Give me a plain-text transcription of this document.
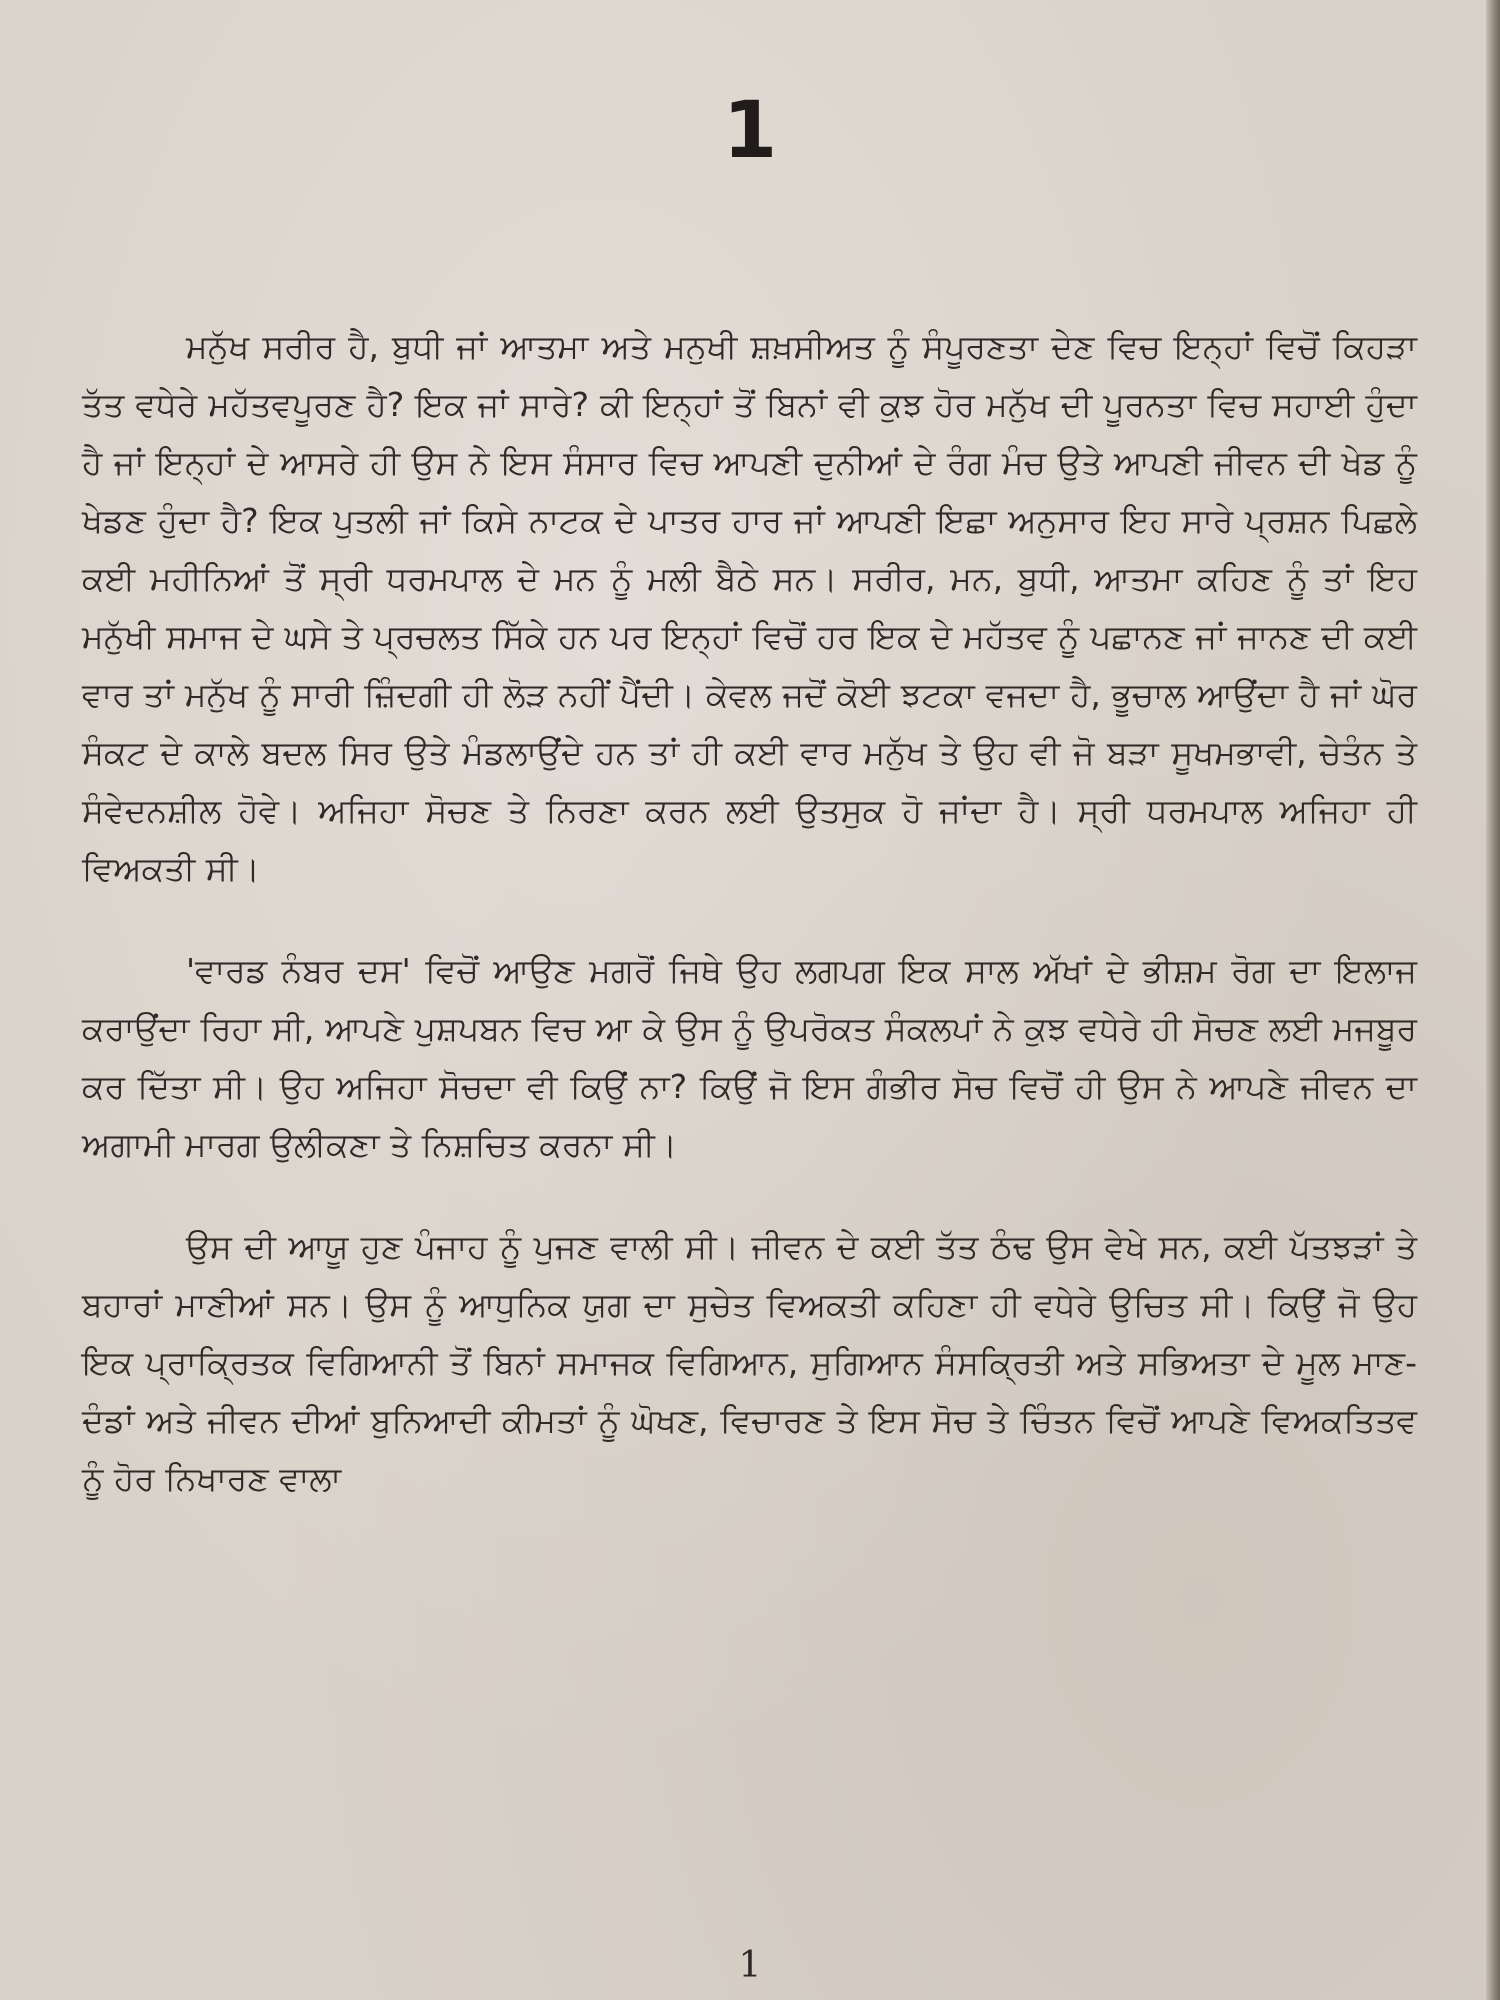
1

ਮਨੁੱਖ ਸਰੀਰ ਹੈ, ਬੁਧੀ ਜਾਂ ਆਤਮਾ ਅਤੇ ਮਨੁਖੀ ਸ਼ਖ਼ਸੀਅਤ ਨੂੰ ਸੰਪੂਰਣਤਾ ਦੇਣ ਵਿਚ ਇਨ੍ਹਾਂ ਵਿਚੋਂ ਕਿਹੜਾ ਤੱਤ ਵਧੇਰੇ ਮਹੱਤਵਪੂਰਣ ਹੈ? ਇਕ ਜਾਂ ਸਾਰੇ? ਕੀ ਇਨ੍ਹਾਂ ਤੋਂ ਬਿਨਾਂ ਵੀ ਕੁਝ ਹੋਰ ਮਨੁੱਖ ਦੀ ਪੂਰਨਤਾ ਵਿਚ ਸਹਾਈ ਹੁੰਦਾ ਹੈ ਜਾਂ ਇਨ੍ਹਾਂ ਦੇ ਆਸਰੇ ਹੀ ਉਸ ਨੇ ਇਸ ਸੰਸਾਰ ਵਿਚ ਆਪਣੀ ਦੁਨੀਆਂ ਦੇ ਰੰਗ ਮੰਚ ਉਤੇ ਆਪਣੀ ਜੀਵਨ ਦੀ ਖੇਡ ਨੂੰ ਖੇਡਣ ਹੁੰਦਾ ਹੈ? ਇਕ ਪੁਤਲੀ ਜਾਂ ਕਿਸੇ ਨਾਟਕ ਦੇ ਪਾਤਰ ਹਾਰ ਜਾਂ ਆਪਣੀ ਇਛਾ ਅਨੁਸਾਰ ਇਹ ਸਾਰੇ ਪ੍ਰਸ਼ਨ ਪਿਛਲੇ ਕਈ ਮਹੀਨਿਆਂ ਤੋਂ ਸ੍ਰੀ ਧਰਮਪਾਲ ਦੇ ਮਨ ਨੂੰ ਮਲੀ ਬੈਠੇ ਸਨ। ਸਰੀਰ, ਮਨ, ਬੁਧੀ, ਆਤਮਾ ਕਹਿਣ ਨੂੰ ਤਾਂ ਇਹ ਮਨੁੱਖੀ ਸਮਾਜ ਦੇ ਘਸੇ ਤੇ ਪ੍ਰਚਲਤ ਸਿੱਕੇ ਹਨ ਪਰ ਇਨ੍ਹਾਂ ਵਿਚੋਂ ਹਰ ਇਕ ਦੇ ਮਹੱਤਵ ਨੂੰ ਪਛਾਨਣ ਜਾਂ ਜਾਨਣ ਦੀ ਕਈ ਵਾਰ ਤਾਂ ਮਨੁੱਖ ਨੂੰ ਸਾਰੀ ਜ਼ਿੰਦਗੀ ਹੀ ਲੋੜ ਨਹੀਂ ਪੈਂਦੀ। ਕੇਵਲ ਜਦੋਂ ਕੋਈ ਝਟਕਾ ਵਜਦਾ ਹੈ, ਭੂਚਾਲ ਆਉਂਦਾ ਹੈ ਜਾਂ ਘੋਰ ਸੰਕਟ ਦੇ ਕਾਲੇ ਬਦਲ ਸਿਰ ਉਤੇ ਮੰਡਲਾਉਂਦੇ ਹਨ ਤਾਂ ਹੀ ਕਈ ਵਾਰ ਮਨੁੱਖ ਤੇ ਉਹ ਵੀ ਜੋ ਬੜਾ ਸੂਖਮਭਾਵੀ, ਚੇਤੰਨ ਤੇ ਸੰਵੇਦਨਸ਼ੀਲ ਹੋਵੇ। ਅਜਿਹਾ ਸੋਚਣ ਤੇ ਨਿਰਣਾ ਕਰਨ ਲਈ ਉਤਸੁਕ ਹੋ ਜਾਂਦਾ ਹੈ। ਸ੍ਰੀ ਧਰਮਪਾਲ ਅਜਿਹਾ ਹੀ ਵਿਅਕਤੀ ਸੀ।

'ਵਾਰਡ ਨੰਬਰ ਦਸ' ਵਿਚੋਂ ਆਉਣ ਮਗਰੋਂ ਜਿਥੇ ਉਹ ਲਗਪਗ ਇਕ ਸਾਲ ਅੱਖਾਂ ਦੇ ਭੀਸ਼ਮ ਰੋਗ ਦਾ ਇਲਾਜ ਕਰਾਉਂਦਾ ਰਿਹਾ ਸੀ, ਆਪਣੇ ਪੁਸ਼ਪਬਨ ਵਿਚ ਆ ਕੇ ਉਸ ਨੂੰ ਉਪਰੋਕਤ ਸੰਕਲਪਾਂ ਨੇ ਕੁਝ ਵਧੇਰੇ ਹੀ ਸੋਚਣ ਲਈ ਮਜਬੂਰ ਕਰ ਦਿੱਤਾ ਸੀ। ਉਹ ਅਜਿਹਾ ਸੋਚਦਾ ਵੀ ਕਿਉਂ ਨਾ? ਕਿਉਂ ਜੋ ਇਸ ਗੰਭੀਰ ਸੋਚ ਵਿਚੋਂ ਹੀ ਉਸ ਨੇ ਆਪਣੇ ਜੀਵਨ ਦਾ ਅਗਾਮੀ ਮਾਰਗ ਉਲੀਕਣਾ ਤੇ ਨਿਸ਼ਚਿਤ ਕਰਨਾ ਸੀ।

ਉਸ ਦੀ ਆਯੂ ਹੁਣ ਪੰਜਾਹ ਨੂੰ ਪੁਜਣ ਵਾਲੀ ਸੀ। ਜੀਵਨ ਦੇ ਕਈ ਤੱਤ ਠੰਢ ਉਸ ਵੇਖੇ ਸਨ, ਕਈ ਪੱਤਝੜਾਂ ਤੇ ਬਹਾਰਾਂ ਮਾਣੀਆਂ ਸਨ। ਉਸ ਨੂੰ ਆਧੁਨਿਕ ਯੁਗ ਦਾ ਸੁਚੇਤ ਵਿਅਕਤੀ ਕਹਿਣਾ ਹੀ ਵਧੇਰੇ ਉਚਿਤ ਸੀ। ਕਿਉਂ ਜੋ ਉਹ ਇਕ ਪ੍ਰਾਕ੍ਰਿਤਕ ਵਿਗਿਆਨੀ ਤੋਂ ਬਿਨਾਂ ਸਮਾਜਕ ਵਿਗਿਆਨ, ਸੁਗਿਆਨ ਸੰਸਕ੍ਰਿਤੀ ਅਤੇ ਸਭਿਅਤਾ ਦੇ ਮੂਲ ਮਾਣ-ਦੰਡਾਂ ਅਤੇ ਜੀਵਨ ਦੀਆਂ ਬੁਨਿਆਦੀ ਕੀਮਤਾਂ ਨੂੰ ਘੋਖਣ, ਵਿਚਾਰਣ ਤੇ ਇਸ ਸੋਚ ਤੇ ਚਿੰਤਨ ਵਿਚੋਂ ਆਪਣੇ ਵਿਅਕਤਿਤਵ ਨੂੰ ਹੋਰ ਨਿਖਾਰਣ ਵਾਲਾ

1
